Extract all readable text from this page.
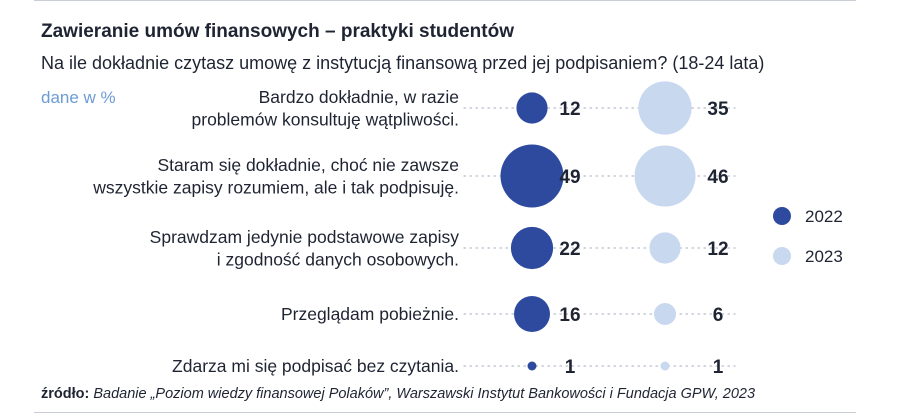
Zawieranie umów finansowych – praktyki studentów
Na ile dokładnie czytasz umowę z instytucją finansową przed jej podpisaniem? (18-24 lata)
dane w %	Bardzo dokładnie, w razie problemów konsultuję wątpliwości.	12	35
Staram się dokładnie, choć nie zawsze wszystkie zapisy rozumiem, ale i tak podpisuję.	49	46
Sprawdzam jedynie podstawowe zapisy i zgodność danych osobowych.	22	12
Przeglądam pobieżnie.	16	6
Zdarza mi się podpisać bez czytania.	1	1
2022
2023
źródło: Badanie „Poziom wiedzy finansowej Polaków”, Warszawski Instytut Bankowości i Fundacja GPW, 2023
